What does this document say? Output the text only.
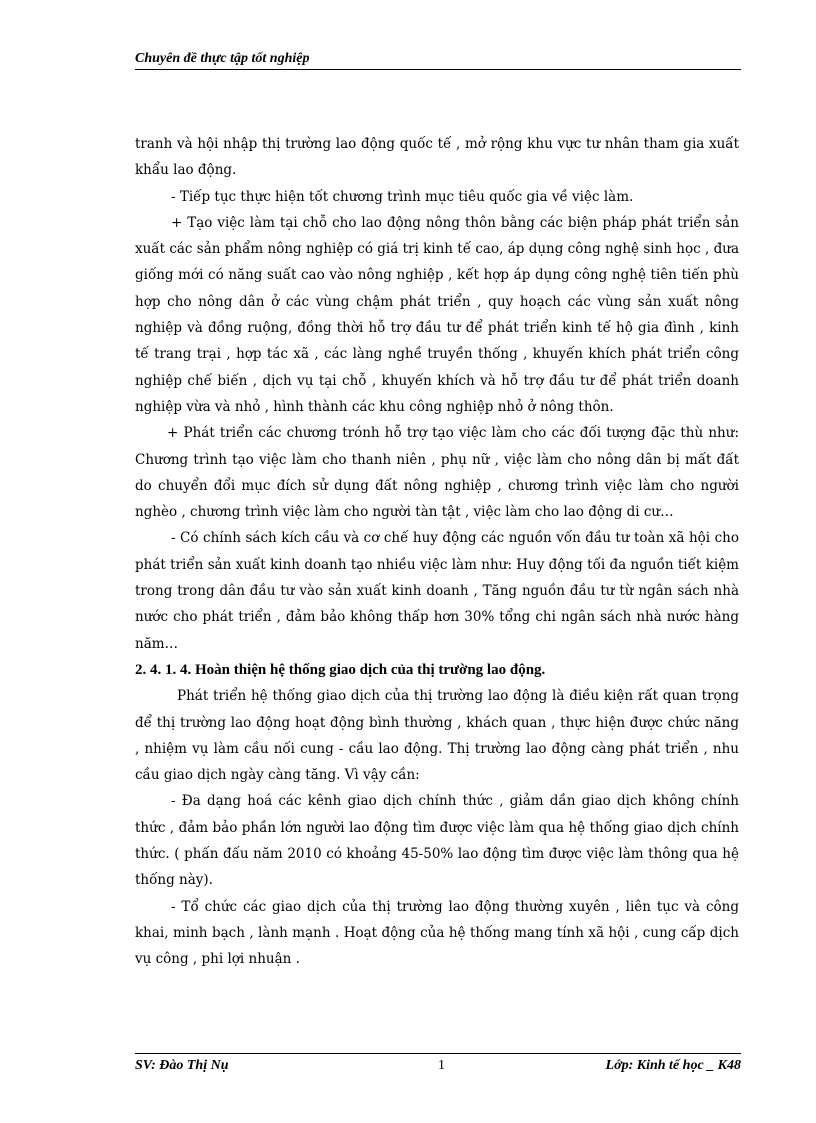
Chuyên đề thực tập tốt nghiệp

tranh và hội nhập thị trường lao động quốc tế , mở rộng khu vực tư nhân tham gia xuất khẩu lao động.

- Tiếp tục thực hiện tốt chương trình mục tiêu quốc gia về việc làm.

+ Tạo việc làm tại chỗ cho lao động nông thôn bằng các biện pháp phát triển sản xuất các sản phẩm nông nghiệp có giá trị kinh tế cao, áp dụng công nghệ sinh học , đưa giống mới có năng suất cao vào nông nghiệp , kết hợp áp dụng công nghệ tiên tiến phù hợp cho nông dân ở các vùng chậm phát triển , quy hoạch các vùng sản xuất nông nghiệp và đồng ruộng, đồng thời hỗ trợ đầu tư để phát triển kinh tế hộ gia đình , kinh tế trang trại , hợp tác xã , các làng nghề truyền thống , khuyến khích phát triển công nghiệp chế biến , dịch vụ tại chỗ , khuyến khích và hỗ trợ đầu tư để phát triển doanh nghiệp vừa và nhỏ , hình thành các khu công nghiệp nhỏ ở nông thôn.

+ Phát triển các chương trónh hỗ trợ tạo việc làm cho các đối tượng đặc thù như: Chương trình tạo việc làm cho thanh niên , phụ nữ , việc làm cho nông dân bị mất đất do chuyển đổi mục đích sử dụng đất nông nghiệp , chương trình việc làm cho người nghèo , chương trình việc làm cho người tàn tật , việc làm cho lao động di cư…

- Có chính sách kích cầu và cơ chế huy động các nguồn vốn đầu tư toàn xã hội cho phát triển sản xuất kinh doanh tạo nhiều việc làm như: Huy động tối đa nguồn tiết kiệm trong trong dân đầu tư vào sản xuất kinh doanh , Tăng nguồn đầu tư từ ngân sách nhà nước cho phát triển , đảm bảo không thấp hơn 30% tổng chi ngân sách nhà nước hàng năm…

2. 4. 1. 4. Hoàn thiện hệ thống giao dịch của thị trường lao động.

Phát triển hệ thống giao dịch của thị trường lao động là điều kiện rất quan trọng để thị trường lao động hoạt động bình thường , khách quan , thực hiện được chức năng , nhiệm vụ làm cầu nối cung - cầu lao động. Thị trường lao động càng phát triển , nhu cầu giao dịch ngày càng tăng. Vì vậy cần:

- Đa dạng hoá các kênh giao dịch chính thức , giảm dần giao dịch không chính thức , đảm bảo phần lớn người lao động tìm được việc làm qua hệ thống giao dịch chính thức. ( phấn đấu năm 2010 có khoảng 45-50% lao động tìm được việc làm thông qua hệ thống này).

- Tổ chức các giao dịch của thị trường lao động thường xuyên , liên tục và công khai, minh bạch , lành mạnh . Hoạt động của hệ thống mang tính xã hội , cung cấp dịch vụ công , phi lợi nhuận .

SV: Đào Thị Nụ	1	Lớp: Kinh tế học _ K48
